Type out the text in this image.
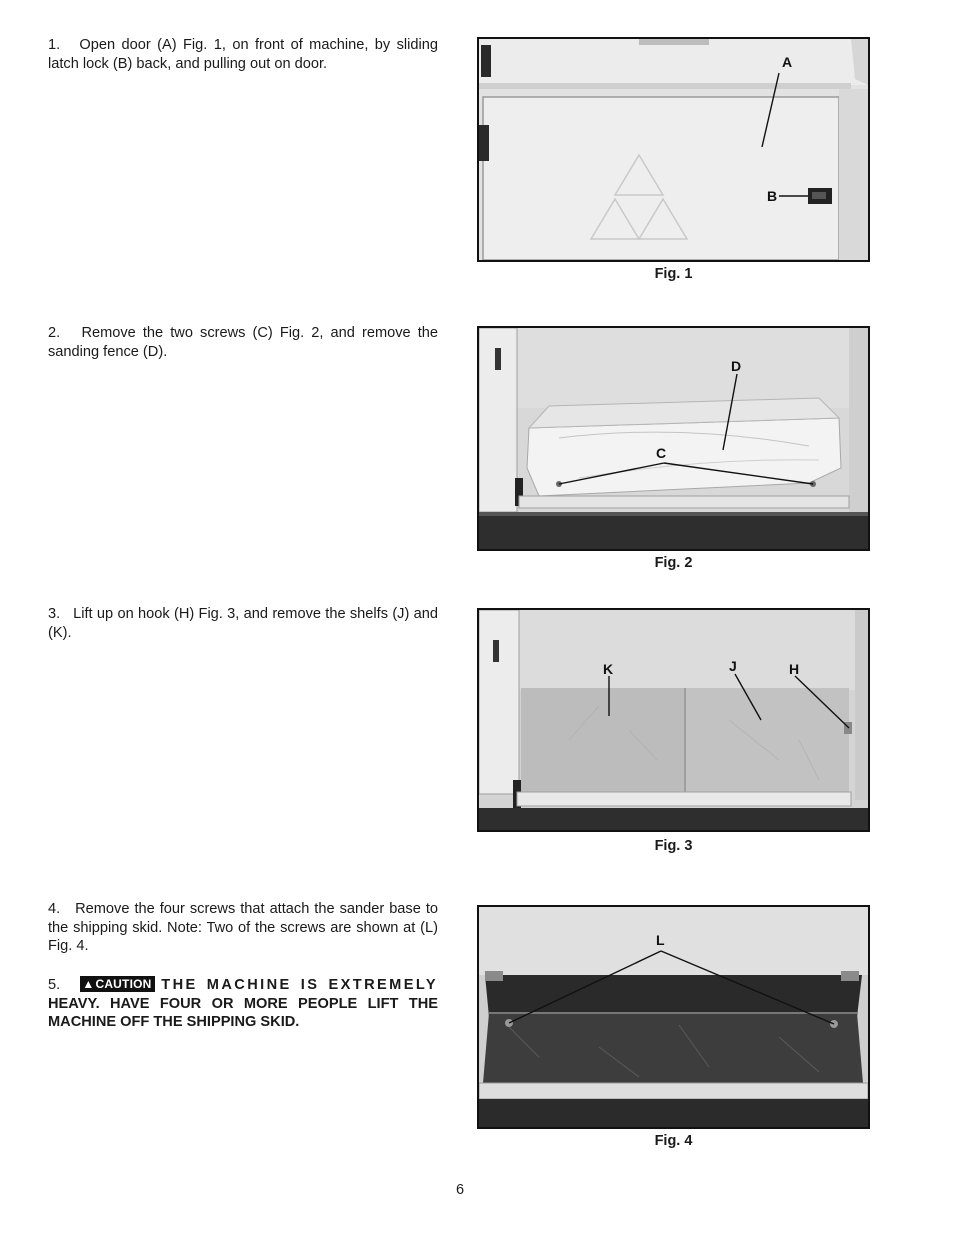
1. Open door (A) Fig. 1, on front of machine, by sliding latch lock (B) back, and pulling out on door.

2. Remove the two screws (C) Fig. 2, and remove the sanding fence (D).

3. Lift up on hook (H) Fig. 3, and remove the shelfs (J) and (K).

4. Remove the four screws that attach the sander base to the shipping skid. Note: Two of the screws are shown at (L) Fig. 4.

5. ▲CAUTION THE MACHINE IS EXTREMELY HEAVY. HAVE FOUR OR MORE PEOPLE LIFT THE MACHINE OFF THE SHIPPING SKID.

A
B
Fig. 1
D
C
Fig. 2
K	J	H
Fig. 3
L
Fig. 4
6
